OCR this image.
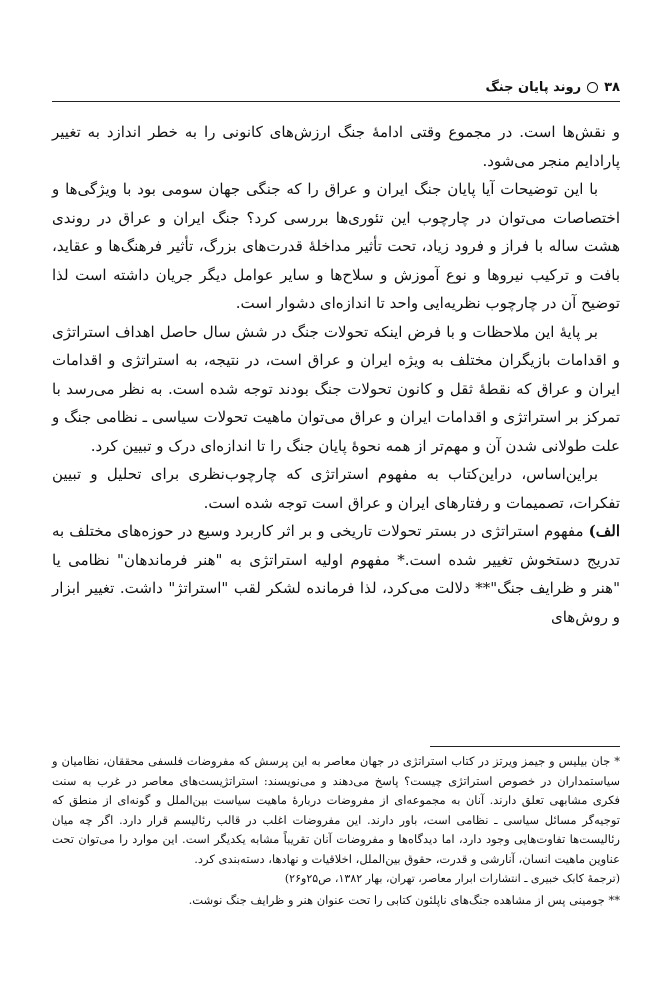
۳۸
روند پایان جنگ

و نقش‌ها است. در مجموع وقتی ادامهٔ جنگ ارزش‌های کانونی را به خطر اندازد به تغییر پارادایم منجر می‌شود.

با این توضیحات آیا پایان جنگ ایران و عراق را که جنگی جهان سومی بود با ویژگی‌ها و اختصاصات می‌توان در چارچوب این تئوری‌ها بررسی کرد؟ جنگ ایران و عراق در روندی هشت ساله با فراز و فرود زیاد، تحت تأثیر مداخلهٔ قدرت‌های بزرگ، تأثیر فرهنگ‌ها و عقاید، بافت و ترکیب نیروها و نوع آموزش و سلاح‌ها و سایر عوامل دیگر جریان داشته است لذا توضیح آن در چارچوب نظریه‌ایی واحد تا اندازه‌ای دشوار است.

بر پایهٔ این ملاحظات و با فرض اینکه تحولات جنگ در شش سال حاصل اهداف استراتژی و اقدامات بازیگران مختلف به ویژه ایران و عراق است، در نتیجه، به استراتژی و اقدامات ایران و عراق که نقطهٔ ثقل و کانون تحولات جنگ بودند توجه شده است. به نظر می‌رسد با تمرکز بر استراتژی و اقدامات ایران و عراق می‌توان ماهیت تحولات سیاسی ـ نظامی جنگ و علت طولانی شدن آن و مهم‌تر از همه نحوهٔ پایان جنگ را تا اندازه‌ای درک و تبیین کرد.

براین‌اساس، دراین‌کتاب به مفهوم استراتژی که چارچوب‌نظری برای تحلیل و تبیین تفکرات، تصمیمات و رفتارهای ایران و عراق است توجه شده است.

الف) مفهوم استراتژی در بستر تحولات تاریخی و بر اثر کاربرد وسیع در حوزه‌های مختلف به تدریج دستخوش تغییر شده است.* مفهوم اولیه استراتژی به "هنر فرماندهان" نظامی یا "هنر و ظرایف جنگ"** دلالت می‌کرد، لذا فرمانده لشکر لقب "استراتژ" داشت. تغییر ابزار و روش‌های

* جان بیلیس و جیمز ویرتز در کتاب استراتژی در جهان معاصر به این پرسش که مفروضات فلسفی محققان، نظامیان و سیاستمداران در خصوص استراتژی چیست؟ پاسخ می‌دهند و می‌نویسند: استراتژیست‌های معاصر در غرب به سنت فکری مشابهی تعلق دارند. آنان به مجموعه‌ای از مفروضات دربارهٔ ماهیت سیاست بین‌الملل و گونه‌ای از منطق که توجیه‌گر مسائل سیاسی ـ نظامی است، باور دارند. این مفروضات اغلب در قالب رئالیسم قرار دارد. اگر چه میان رئالیست‌ها تفاوت‌هایی وجود دارد، اما دیدگاه‌ها و مفروضات آنان تقریباً مشابه یکدیگر است. این موارد را می‌توان تحت عناوین ماهیت انسان، آنارشی و قدرت، حقوق بین‌الملل، اخلاقیات و نهادها، دسته‌بندی کرد.

(ترجمهٔ کابک خبیری ـ انتشارات ابرار معاصر، تهران، بهار ۱۳۸۲، ص۲۵و۲۶)

** جومینی پس از مشاهده جنگ‌های ناپلئون کتابی را تحت عنوان هنر و ظرایف جنگ نوشت.
